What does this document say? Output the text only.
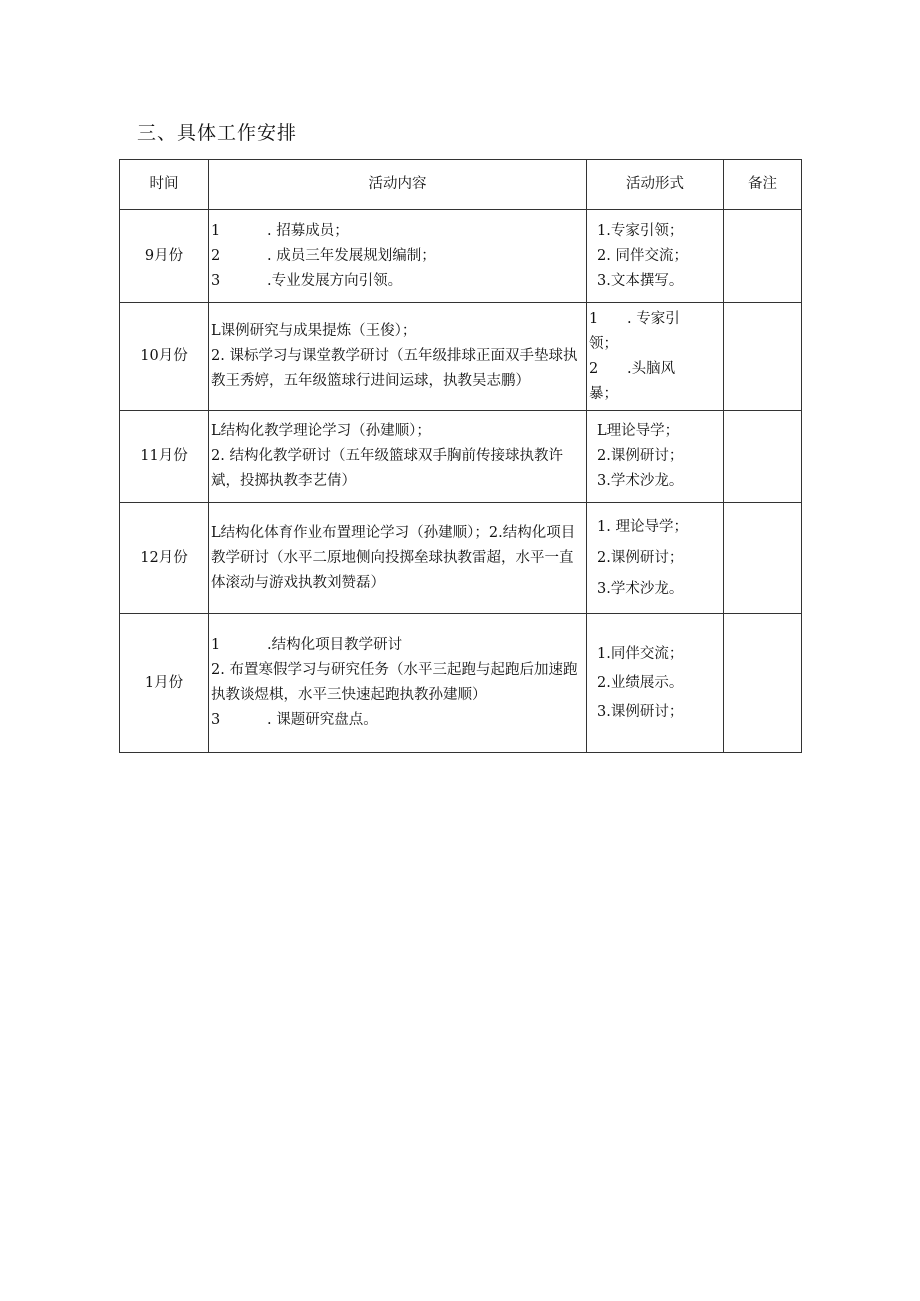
三、具体工作安排
时间	活动内容	活动形式	备注
9月份	1 . 招募成员；
2 . 成员三年发展规划编制；
3 .专业发展方向引领。	1.专家引领；
2. 同伴交流；
3.文本撰写。	

10月份	L课例研究与成果提炼（王俊）；
2. 课标学习与课堂教学研讨（五年级排球正面双手垫球执教王秀婷，五年级篮球行进间运球，执教吴志鹏）	1 . 专家引
领；
2 .头脑风
暴；	

11月份	L结构化教学理论学习（孙建顺）；
2. 结构化教学研讨（五年级篮球双手胸前传接球执教许斌，投掷执教李艺倩）	L理论导学；
2.课例研讨；
3.学术沙龙。	

12月份	L结构化体育作业布置理论学习（孙建顺）；2.结构化项目教学研讨（水平二原地侧向投掷垒球执教雷超，水平一直体滚动与游戏执教刘赞磊）	1. 理论导学；
2.课例研讨；
3.学术沙龙。	

1月份	1 .结构化项目教学研讨
2. 布置寒假学习与研究任务（水平三起跑与起跑后加速跑执教谈煜棋，水平三快速起跑执教孙建顺）
3 . 课题研究盘点。	1.同伴交流；
2.业绩展示。
3.课例研讨；	
